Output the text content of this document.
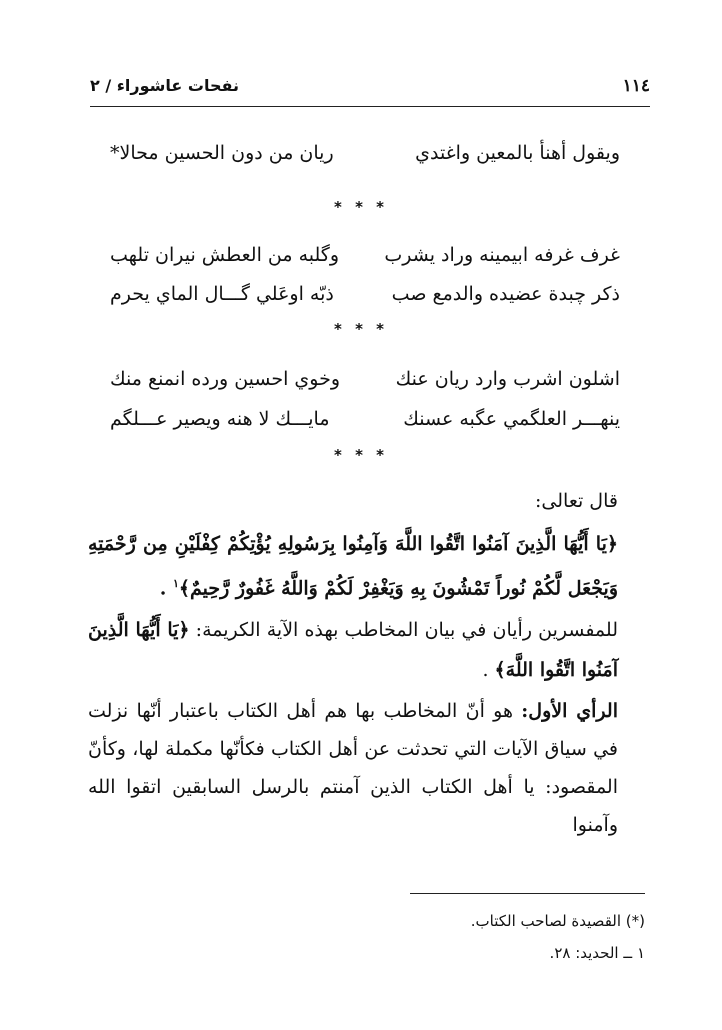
١١٤
نفحات عاشوراء / ٢
ويقول أهنأ بالمعين واغتدي
ريان من دون الحسين محالا*
* * *
غرف غرفه ابيمينه وراد يشرب
وگلبه من العطش نيران تلهب
ذكر چبدة عضيده والدمع صب
ذبّه اوعَلي گـــال الماي يحرم
* * *
اشلون اشرب وارد ريان عنك
وخوي احسين ورده انمنع منك
ينهـــر العلگمي عگبه عسنك
مايـــك لا هنه ويصير عـــلگم
* * *
قال تعالى:
﴿يَا أَيُّهَا الَّذِينَ آمَنُوا اتَّقُوا اللَّهَ وَآمِنُوا بِرَسُولِهِ يُؤْتِكُمْ كِفْلَيْنِ مِن رَّحْمَتِهِ وَيَجْعَل لَّكُمْ نُوراً تَمْشُونَ بِهِ وَيَغْفِرْ لَكُمْ وَاللَّهُ غَفُورٌ رَّحِيمٌ﴾$^١$ .
للمفسرين رأيان في بيان المخاطب بهذه الآية الكريمة: ﴿يَا أَيُّهَا الَّذِينَ آمَنُوا اتَّقُوا اللَّهَ﴾ .
الرأي الأول: هو أنّ المخاطب بها هم أهل الكتاب باعتبار أنّها نزلت في سياق الآيات التي تحدثت عن أهل الكتاب فكأنّها مكملة لها، وكأنّ المقصود: يا أهل الكتاب الذين آمنتم بالرسل السابقين اتقوا الله وآمنوا
(*) القصيدة لصاحب الكتاب.
١ ــ الحديد: ٢٨.
